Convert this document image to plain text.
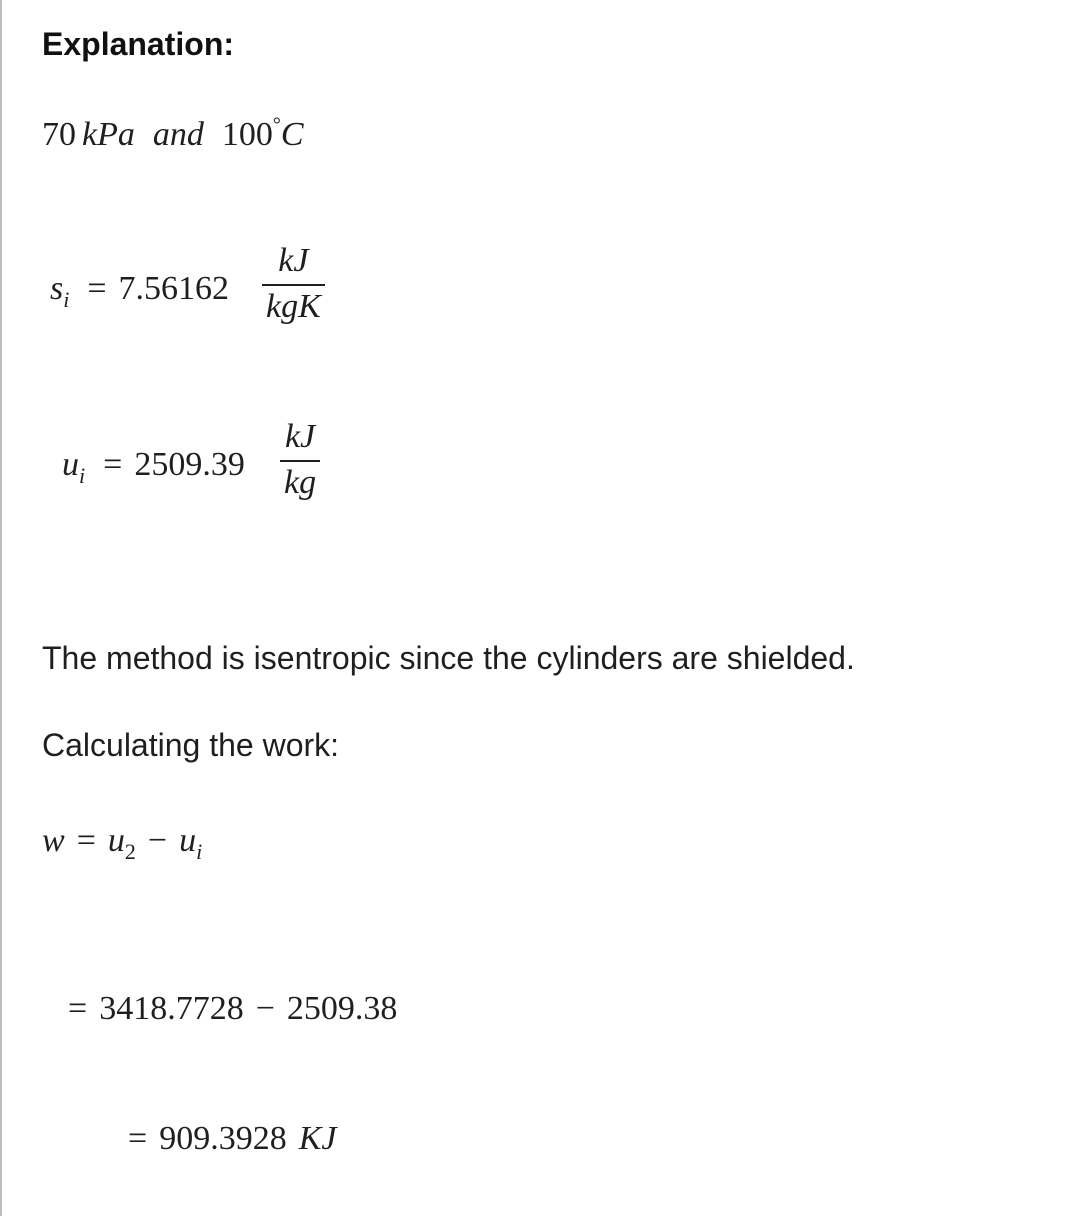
Explanation:
70 kPa and 100°C
$s_i = 7.56162$
kJ
kgK
$u_i = 2509.39$
kJ
kg
The method is isentropic since the cylinders are shielded.
Calculating the work:
$w = u_2 - u_i$
= 3418.7728 − 2509.38
= 909.3928 KJ
